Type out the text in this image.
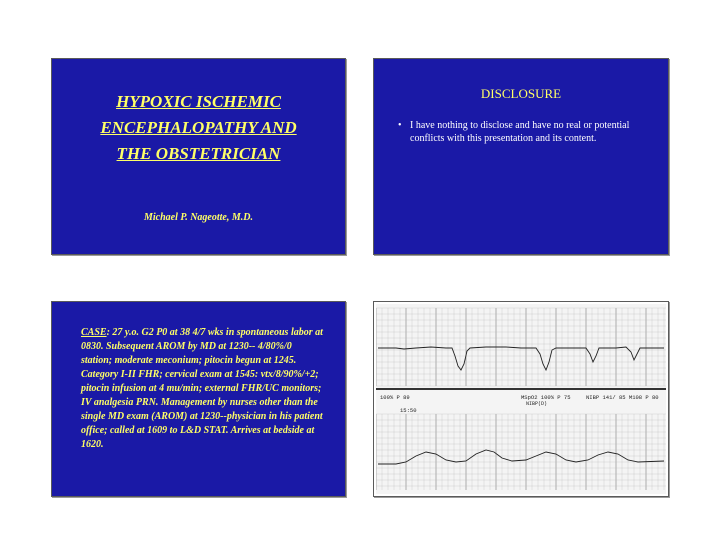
HYPOXIC ISCHEMIC
ENCEPHALOPATHY AND
THE OBSTETRICIAN
Michael P. Nageotte, M.D.
DISCLOSURE
• I have nothing to disclose and have no real or potential conflicts with this presentation and its content.
CASE: 27 y.o. G2 P0 at 38 4/7 wks in spontaneous labor at 0830. Subsequent AROM by MD at 1230-- 4/80%/0 station; moderate meconium; pitocin begun at 1245. Category I-II FHR; cervical exam at 1545: vtx/8/90%/+2; pitocin infusion at 4 mu/min; external FHR/UC monitors; IV analgesia PRN. Management by nurses other than the single MD exam (AROM) at 1230--physician in his patient office; called at 1609 to L&D STAT. Arrives at bedside at 1620.
100% P 89	MSpO2 100% P 75	NIBP 141/ 85 M108 P 80
NIBP(D)
15:50
